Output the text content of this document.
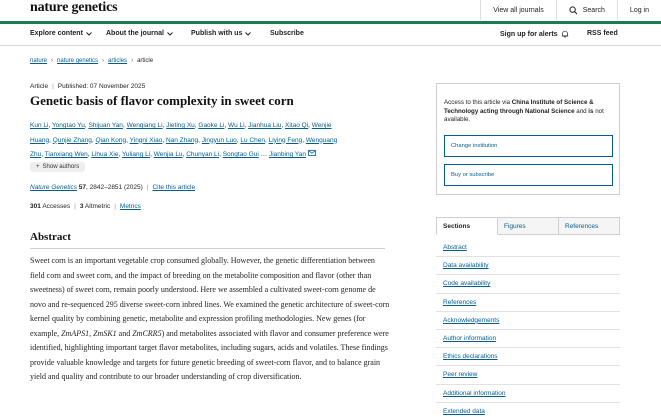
nature genetics	View all journals	Search	Log in
Explore content	About the journal	Publish with us	Subscribe	Sign up for alerts	RSS feed
nature › nature genetics › articles › article
Article | Published: 07 November 2025
Genetic basis of flavor complexity in sweet corn
Kun Li, Yongtao Yu, Shijuan Yan, Wenqiang Li, Jieting Xu, Gaoke Li, Wu Li, Jianhua Liu, Xitao Qi, Wenjie
Huang, Qunjie Zhang, Qian Kong, Yingni Xiao, Nan Zhang, Jingyun Luo, Lu Chen, Liying Feng, Wenguang
Zhu, Tianxiang Wen, Lihua Xie, Yuliang Li, Wenjia Lu, Chunyan Li, Songtao Gui … Jianbing Yan
+ Show authors
Nature Genetics 57, 2842–2851 (2025) | Cite this article
301 Accesses | 3 Altmetric | Metrics
Abstract
Sweet corn is an important vegetable crop consumed globally. However, the genetic differentiation between field corn and sweet corn, and the impact of breeding on the metabolite composition and flavor (other than sweetness) of sweet corn, remain poorly understood. Here we assembled a cultivated sweet-corn genome de novo and re-sequenced 295 diverse sweet-corn inbred lines. We examined the genetic architecture of sweet-corn kernel quality by combining genetic, metabolite and expression profiling methodologies. New genes (for example, ZmAPS1, ZmSK1 and ZmCRR5) and metabolites associated with flavor and consumer preference were identified, highlighting important target flavor metabolites, including sugars, acids and volatiles. These findings provide valuable knowledge and targets for future genetic breeding of sweet-corn flavor, and to balance grain yield and quality and contribute to our broader understanding of crop diversification.
Access to this article via China Institute of Science & Technology acting through National Science and is not available.
Change institution
Buy or subscribe
Sections	Figures	References
Abstract
Data availability
Code availability
References
Acknowledgements
Author information
Ethics declarations
Peer review
Additional information
Extended data
